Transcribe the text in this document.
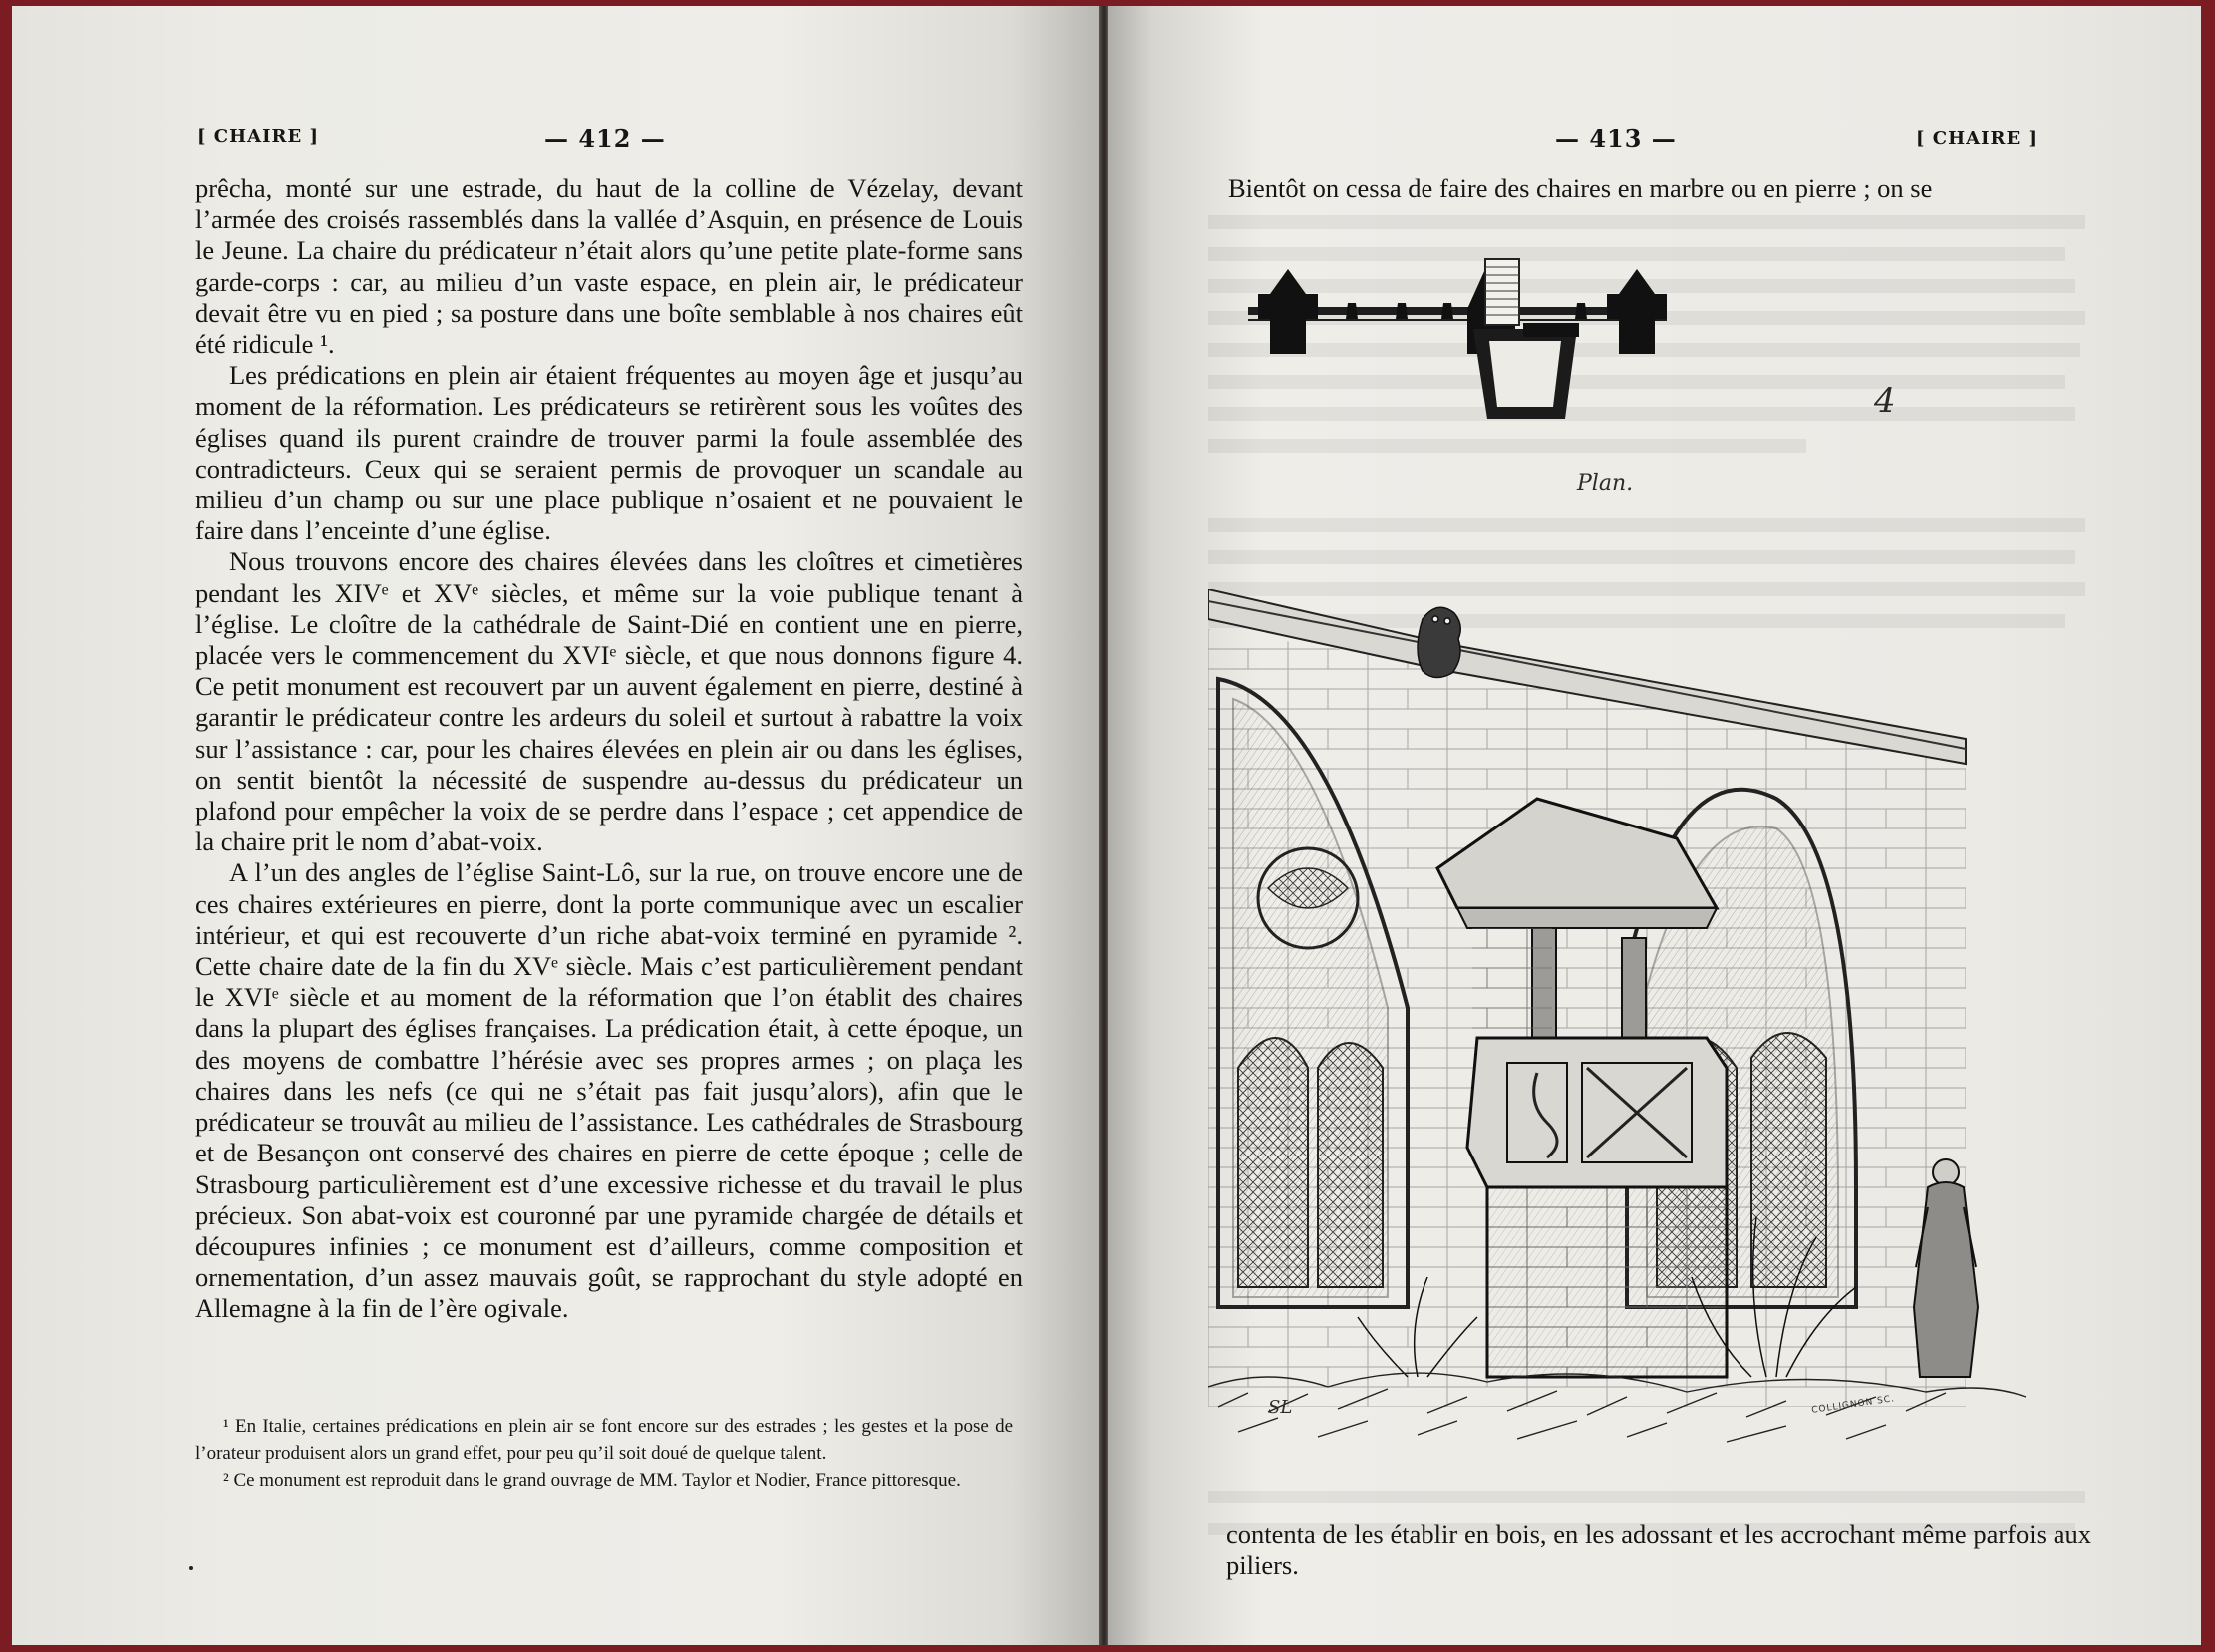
[ CHAIRE ]	— 412 —

prêcha, monté sur une estrade, du haut de la colline de Vézelay, devant l’armée des croisés rassemblés dans la vallée d’Asquin, en présence de Louis le Jeune. La chaire du prédicateur n’était alors qu’une petite plate-forme sans garde-corps : car, au milieu d’un vaste espace, en plein air, le prédicateur devait être vu en pied ; sa posture dans une boîte semblable à nos chaires eût été ridicule ¹.

Les prédications en plein air étaient fréquentes au moyen âge et jusqu’au moment de la réformation. Les prédicateurs se retirèrent sous les voûtes des églises quand ils purent craindre de trouver parmi la foule assemblée des contradicteurs. Ceux qui se seraient permis de provoquer un scandale au milieu d’un champ ou sur une place publique n’osaient et ne pouvaient le faire dans l’enceinte d’une église.

Nous trouvons encore des chaires élevées dans les cloîtres et cimetières pendant les XIVᵉ et XVᵉ siècles, et même sur la voie publique tenant à l’église. Le cloître de la cathédrale de Saint-Dié en contient une en pierre, placée vers le commencement du XVIᵉ siècle, et que nous donnons figure 4. Ce petit monument est recouvert par un auvent également en pierre, destiné à garantir le prédicateur contre les ardeurs du soleil et surtout à rabattre la voix sur l’assistance : car, pour les chaires élevées en plein air ou dans les églises, on sentit bientôt la nécessité de suspendre au-dessus du prédicateur un plafond pour empêcher la voix de se perdre dans l’espace ; cet appendice de la chaire prit le nom d’abat-voix.

A l’un des angles de l’église Saint-Lô, sur la rue, on trouve encore une de ces chaires extérieures en pierre, dont la porte communique avec un escalier intérieur, et qui est recouverte d’un riche abat-voix terminé en pyramide ². Cette chaire date de la fin du XVᵉ siècle. Mais c’est particulièrement pendant le XVIᵉ siècle et au moment de la réformation que l’on établit des chaires dans la plupart des églises françaises. La prédication était, à cette époque, un des moyens de combattre l’hérésie avec ses propres armes ; on plaça les chaires dans les nefs (ce qui ne s’était pas fait jusqu’alors), afin que le prédicateur se trouvât au milieu de l’assistance. Les cathédrales de Strasbourg et de Besançon ont conservé des chaires en pierre de cette époque ; celle de Strasbourg particulièrement est d’une excessive richesse et du travail le plus précieux. Son abat-voix est couronné par une pyramide chargée de détails et découpures infinies ; ce monument est d’ailleurs, comme composition et ornementation, d’un assez mauvais goût, se rapprochant du style adopté en Allemagne à la fin de l’ère ogivale.

¹ En Italie, certaines prédications en plein air se font encore sur des estrades ; les gestes et la pose de l’orateur produisent alors un grand effet, pour peu qu’il soit doué de quelque talent.

² Ce monument est reproduit dans le grand ouvrage de MM. Taylor et Nodier, France pittoresque.

— 413 —	[ CHAIRE ]
Bientôt on cessa de faire des chaires en marbre ou en pierre ; on se
4
Plan.
COLLIGNON SC.
SL

contenta de les établir en bois, en les adossant et les accrochant même parfois aux piliers.
